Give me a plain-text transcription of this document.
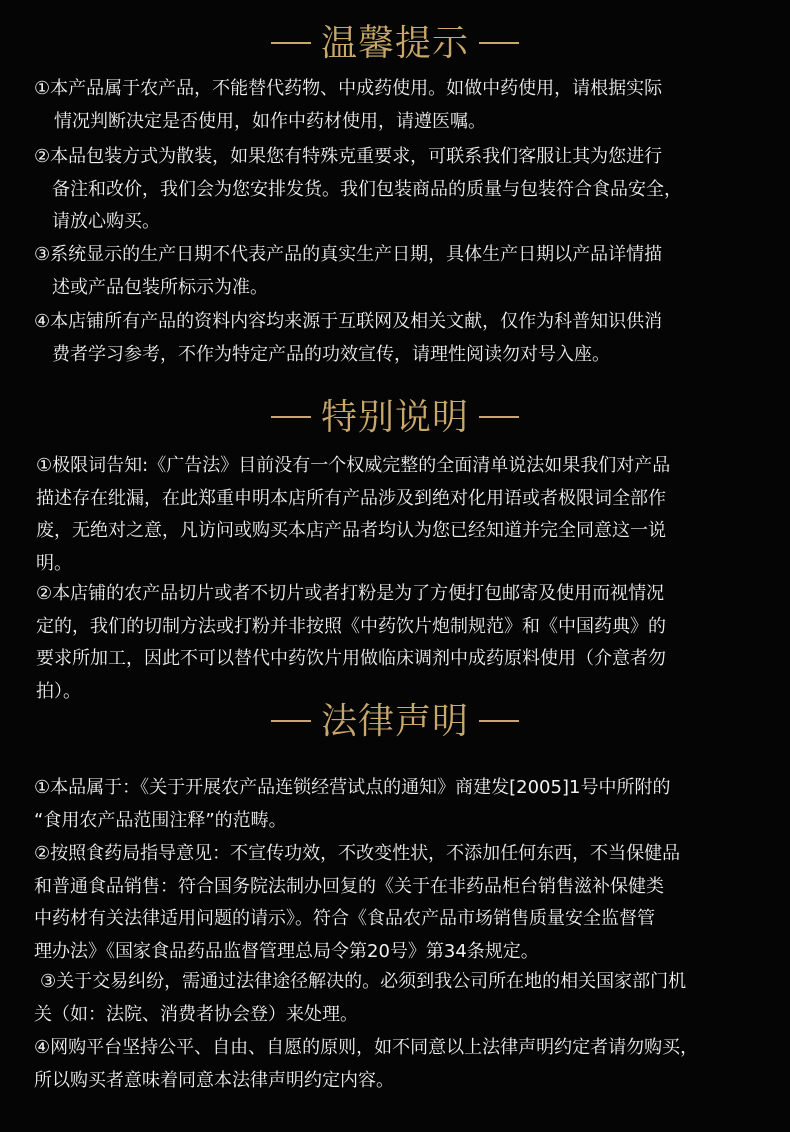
温馨提示
①本产品属于农产品，不能替代药物、中成药使用。如做中药使用，请根据实际
情况判断决定是否使用，如作中药材使用，请遵医嘱。
②本品包装方式为散装，如果您有特殊克重要求，可联系我们客服让其为您进行
备注和改价，我们会为您安排发货。我们包装商品的质量与包装符合食品安全，
请放心购买。
③系统显示的生产日期不代表产品的真实生产日期，具体生产日期以产品详情描
述或产品包装所标示为准。
④本店铺所有产品的资料内容均来源于互联网及相关文献，仅作为科普知识供消
费者学习参考，不作为特定产品的功效宣传，请理性阅读勿对号入座。
特别说明
①极限词告知:《广告法》目前没有一个权威完整的全面清单说法如果我们对产品
描述存在纰漏，在此郑重申明本店所有产品涉及到绝对化用语或者极限词全部作
废，无绝对之意，凡访问或购买本店产品者均认为您已经知道并完全同意这一说
明。
②本店铺的农产品切片或者不切片或者打粉是为了方便打包邮寄及使用而视情况
定的，我们的切制方法或打粉并非按照《中药饮片炮制规范》和《中国药典》的
要求所加工，因此不可以替代中药饮片用做临床调剂中成药原料使用（介意者勿
拍）。
法律声明
①本品属于：《关于开展农产品连锁经营试点的通知》商建发[2005]1号中所附的
“食用农产品范围注释”的范畴。
②按照食药局指导意见：不宣传功效，不改变性状，不添加任何东西，不当保健品
和普通食品销售：符合国务院法制办回复的《关于在非药品柜台销售滋补保健类
中药材有关法律适用问题的请示》。符合《食品农产品市场销售质量安全监督管
理办法》《国家食品药品监督管理总局令第20号》第34条规定。
③关于交易纠纷，需通过法律途径解决的。必须到我公司所在地的相关国家部门机
关（如：法院、消费者协会登）来处理。
④网购平台坚持公平、自由、自愿的原则，如不同意以上法律声明约定者请勿购买，
所以购买者意味着同意本法律声明约定内容。
